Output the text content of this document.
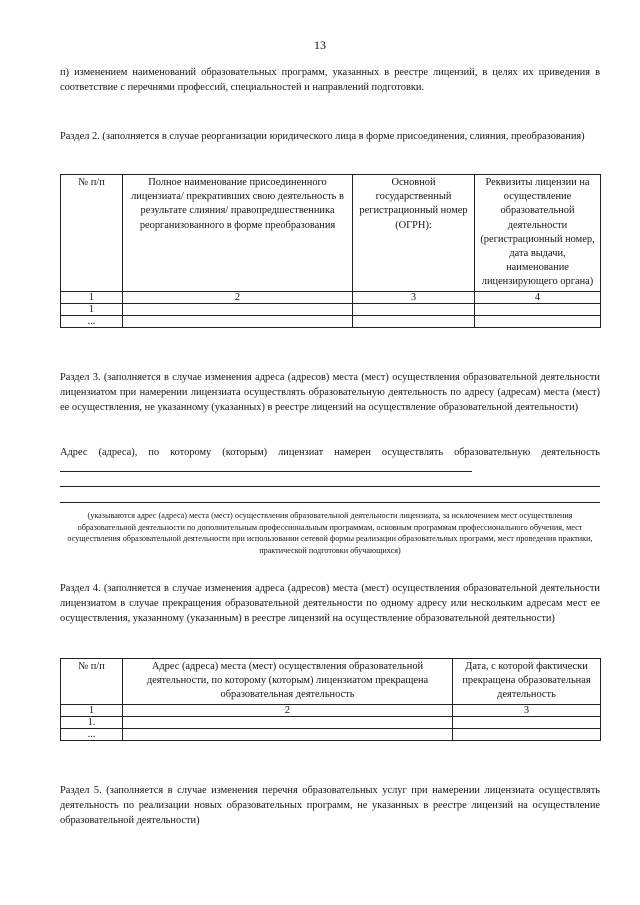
13
п) изменением наименований образовательных программ, указанных в реестре лицензий, в целях их приведения в соответствие с перечнями профессий, специальностей и направлений подготовки.
Раздел 2. (заполняется в случае реорганизации юридического лица в форме присоединения, слияния, преобразования)
№ п/п	Полное наименование присоединенного лицензиата/ прекративших свою деятельность в результате слияния/ правопредшественника реорганизованного в форме преобразования	Основной государственный регистрационный номер (ОГРН):	Реквизиты лицензии на осуществление образовательной деятельности (регистрационный номер, дата выдачи, наименование лицензирующего органа)
1	2	3	4
1			
...			
Раздел 3. (заполняется в случае изменения адреса (адресов) места (мест) осуществления образовательной деятельности лицензиатом при намерении лицензиата осуществлять образовательную деятельность по адресу (адресам) места (мест) ее осуществления, не указанному (указанных) в реестре лицензий на осуществление образовательной деятельности)
Адрес (адреса), по которому (которым) лицензиат намерен осуществлять образовательную деятельность
(указываются адрес (адреса) места (мест) осуществления образовательной деятельности лицензиата, за исключением мест осуществления образовательной деятельности по дополнительным профессиональным программам, основным программам профессионального обучения, мест осуществления образовательной деятельности при использовании сетевой формы реализации образовательных программ, мест проведения практики, практической подготовки обучающихся)
Раздел 4. (заполняется в случае изменения адреса (адресов) места (мест) осуществления образовательной деятельности лицензиатом в случае прекращения образовательной деятельности по одному адресу или нескольким адресам мест ее осуществления, указанному (указанным) в реестре лицензий на осуществление образовательной деятельности)
№ п/п	Адрес (адреса) места (мест) осуществления образовательной деятельности, по которому (которым) лицензиатом прекращена образовательная деятельность	Дата, с которой фактически прекращена образовательная деятельность
1	2	3
1.		
...		
Раздел 5. (заполняется в случае изменения перечня образовательных услуг при намерении лицензиата осуществлять деятельность по реализации новых образовательных программ, не указанных в реестре лицензий на осуществление образовательной деятельности)
